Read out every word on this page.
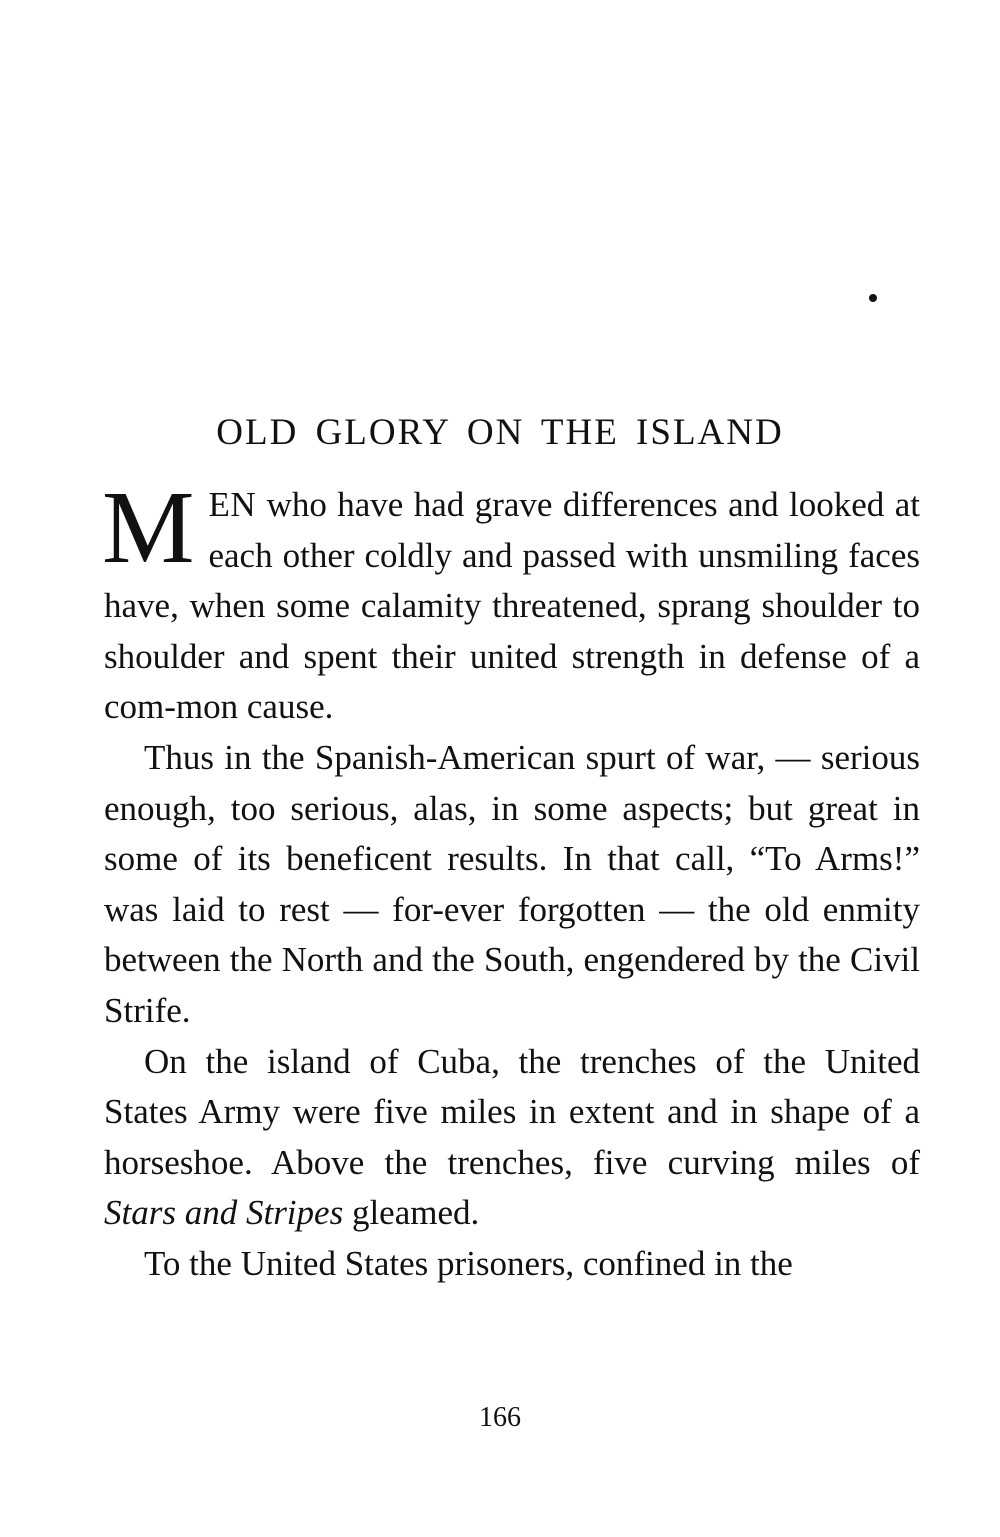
OLD GLORY ON THE ISLAND

MEN who have had grave differences and looked at each other coldly and passed with unsmiling faces have, when some calamity threatened, sprang shoulder to shoulder and spent their united strength in defense of a com-mon cause.

Thus in the Spanish-American spurt of war, — serious enough, too serious, alas, in some aspects; but great in some of its beneficent results. In that call, “To Arms!” was laid to rest — for-ever forgotten — the old enmity between the North and the South, engendered by the Civil Strife.

On the island of Cuba, the trenches of the United States Army were five miles in extent and in shape of a horseshoe. Above the trenches, five curving miles of Stars and Stripes gleamed.

To the United States prisoners, confined in the

166
